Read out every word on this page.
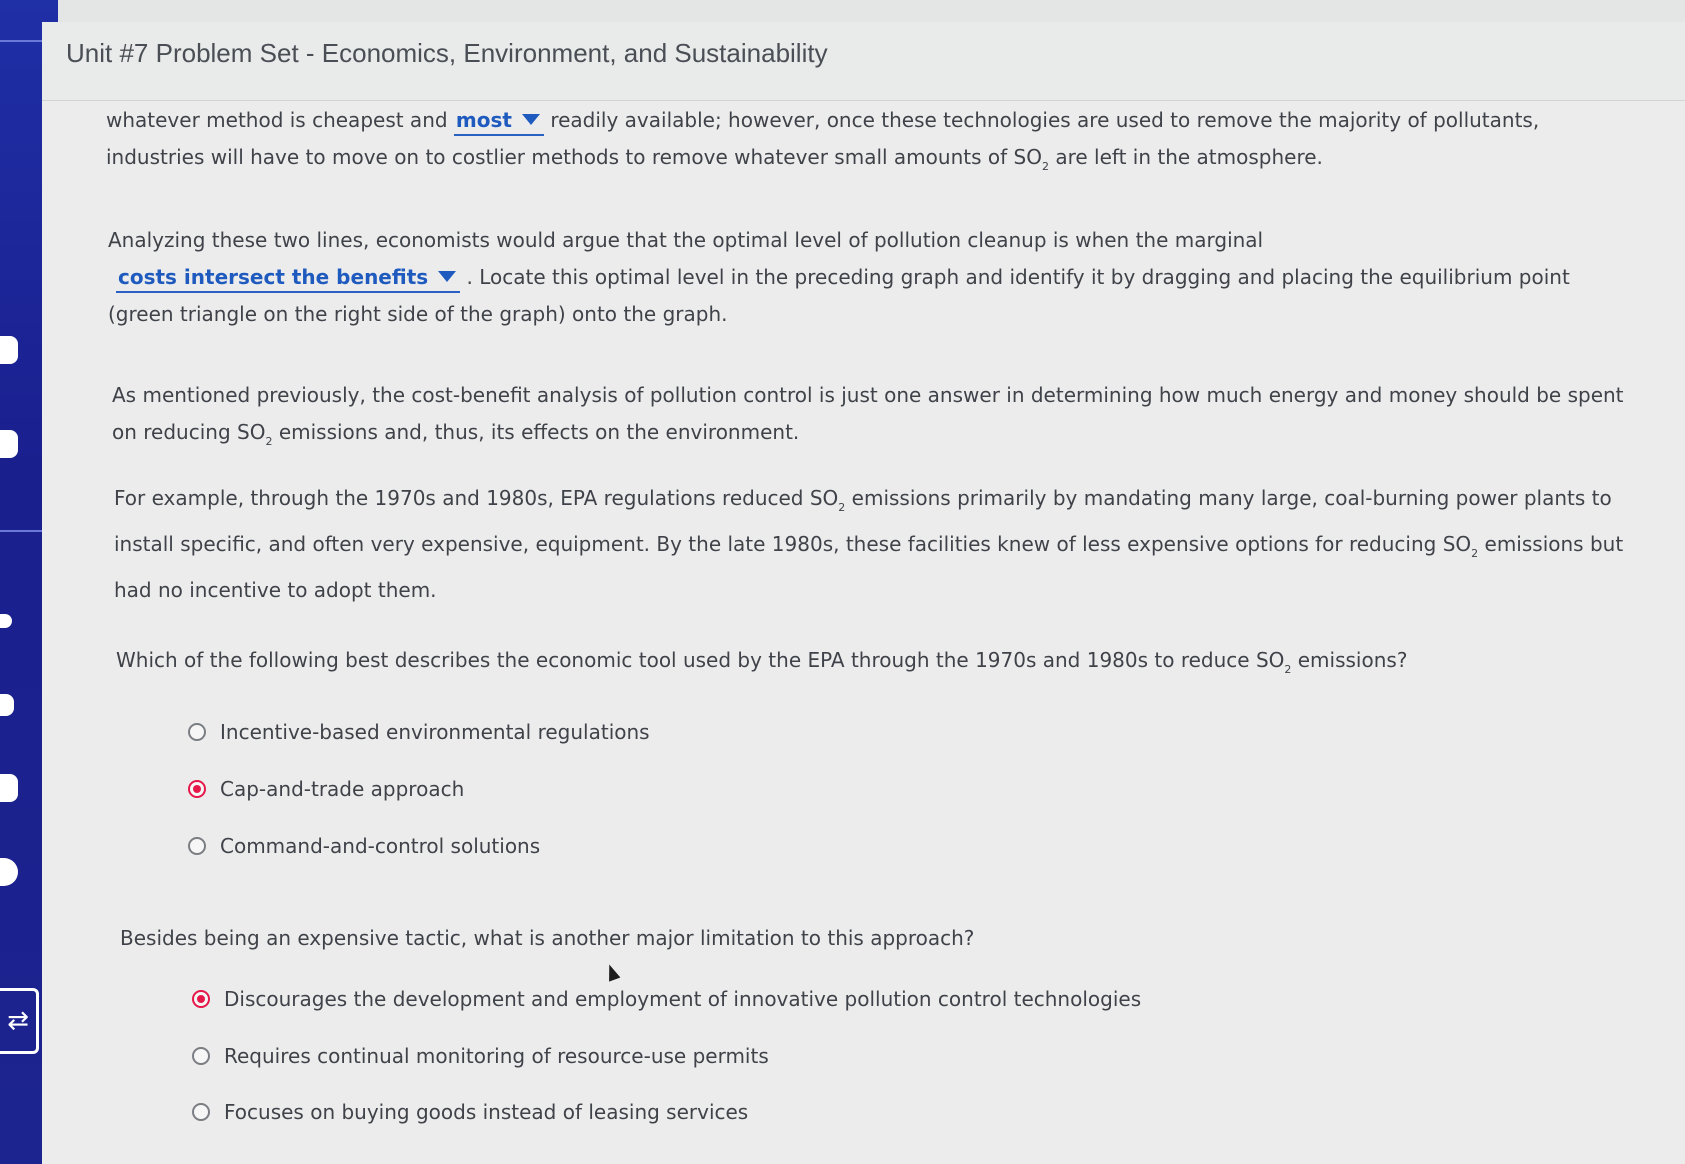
⇄
Unit #7 Problem Set - Economics, Environment, and Sustainability
whatever method is cheapest and most readily available; however, once these technologies are used to remove the majority of pollutants,
industries will have to move on to costlier methods to remove whatever small amounts of $SO_2$ are left in the atmosphere.
Analyzing these two lines, economists would argue that the optimal level of pollution cleanup is when the marginal
costs intersect the benefits . Locate this optimal level in the preceding graph and identify it by dragging and placing the equilibrium point
(green triangle on the right side of the graph) onto the graph.
As mentioned previously, the cost-benefit analysis of pollution control is just one answer in determining how much energy and money should be spent
on reducing $SO_2$ emissions and, thus, its effects on the environment.
For example, through the 1970s and 1980s, EPA regulations reduced $SO_2$ emissions primarily by mandating many large, coal-burning power plants to
install specific, and often very expensive, equipment. By the late 1980s, these facilities knew of less expensive options for reducing $SO_2$ emissions but
had no incentive to adopt them.
Which of the following best describes the economic tool used by the EPA through the 1970s and 1980s to reduce $SO_2$ emissions?
Incentive-based environmental regulations
Cap-and-trade approach
Command-and-control solutions
Besides being an expensive tactic, what is another major limitation to this approach?
Discourages the development and employment of innovative pollution control technologies
Requires continual monitoring of resource-use permits
Focuses on buying goods instead of leasing services
